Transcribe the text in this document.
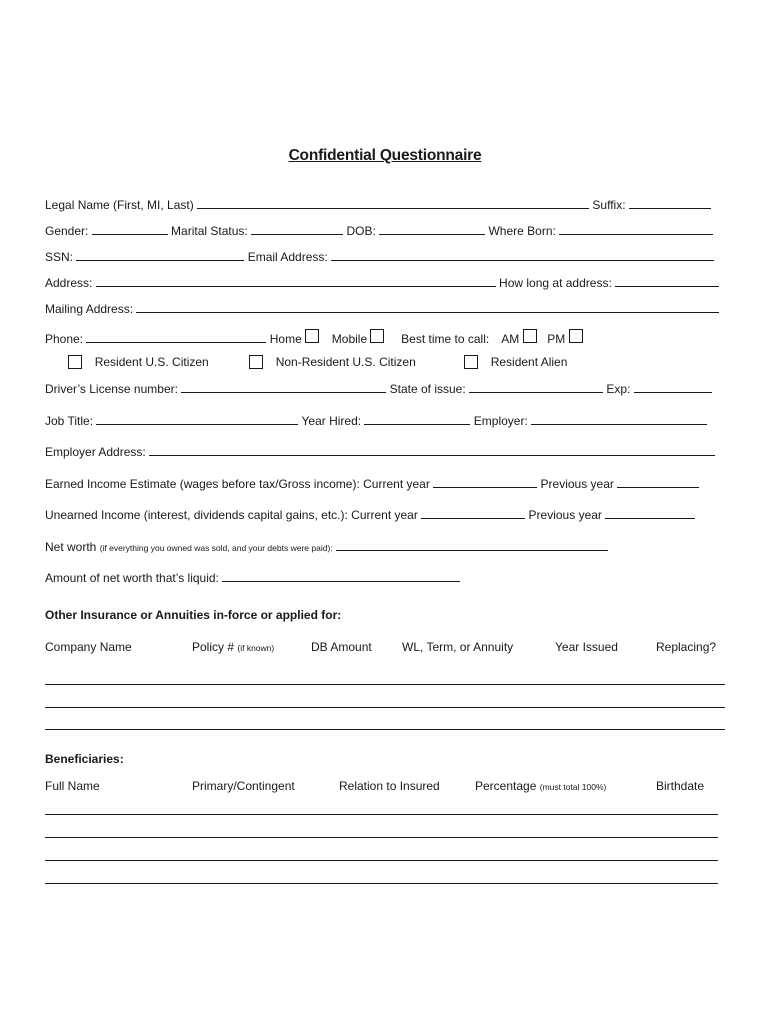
Confidential Questionnaire
Legal Name (First, MI, Last)	Suffix:
Gender:	Marital Status:	DOB:	Where Born:
SSN:	Email Address:
Address:	How long at address:
Mailing Address:
Phone:	Home	Mobile	Best time to call: AM PM
Resident U.S. Citizen	Non-Resident U.S. Citizen	Resident Alien
Driver’s License number:	State of issue:	Exp:
Job Title:	Year Hired:	Employer:
Employer Address:
Earned Income Estimate (wages before tax/Gross income): Current year	Previous year
Unearned Income (interest, dividends capital gains, etc.): Current year	Previous year
Net worth (if everything you owned was sold, and your debts were paid):
Amount of net worth that’s liquid:
Other Insurance or Annuities in-force or applied for:
Company Name	Policy # (if known)	DB Amount	WL, Term, or Annuity	Year Issued	Replacing?
Beneficiaries:
Full Name	Primary/Contingent	Relation to Insured	Percentage (must total 100%)	Birthdate
